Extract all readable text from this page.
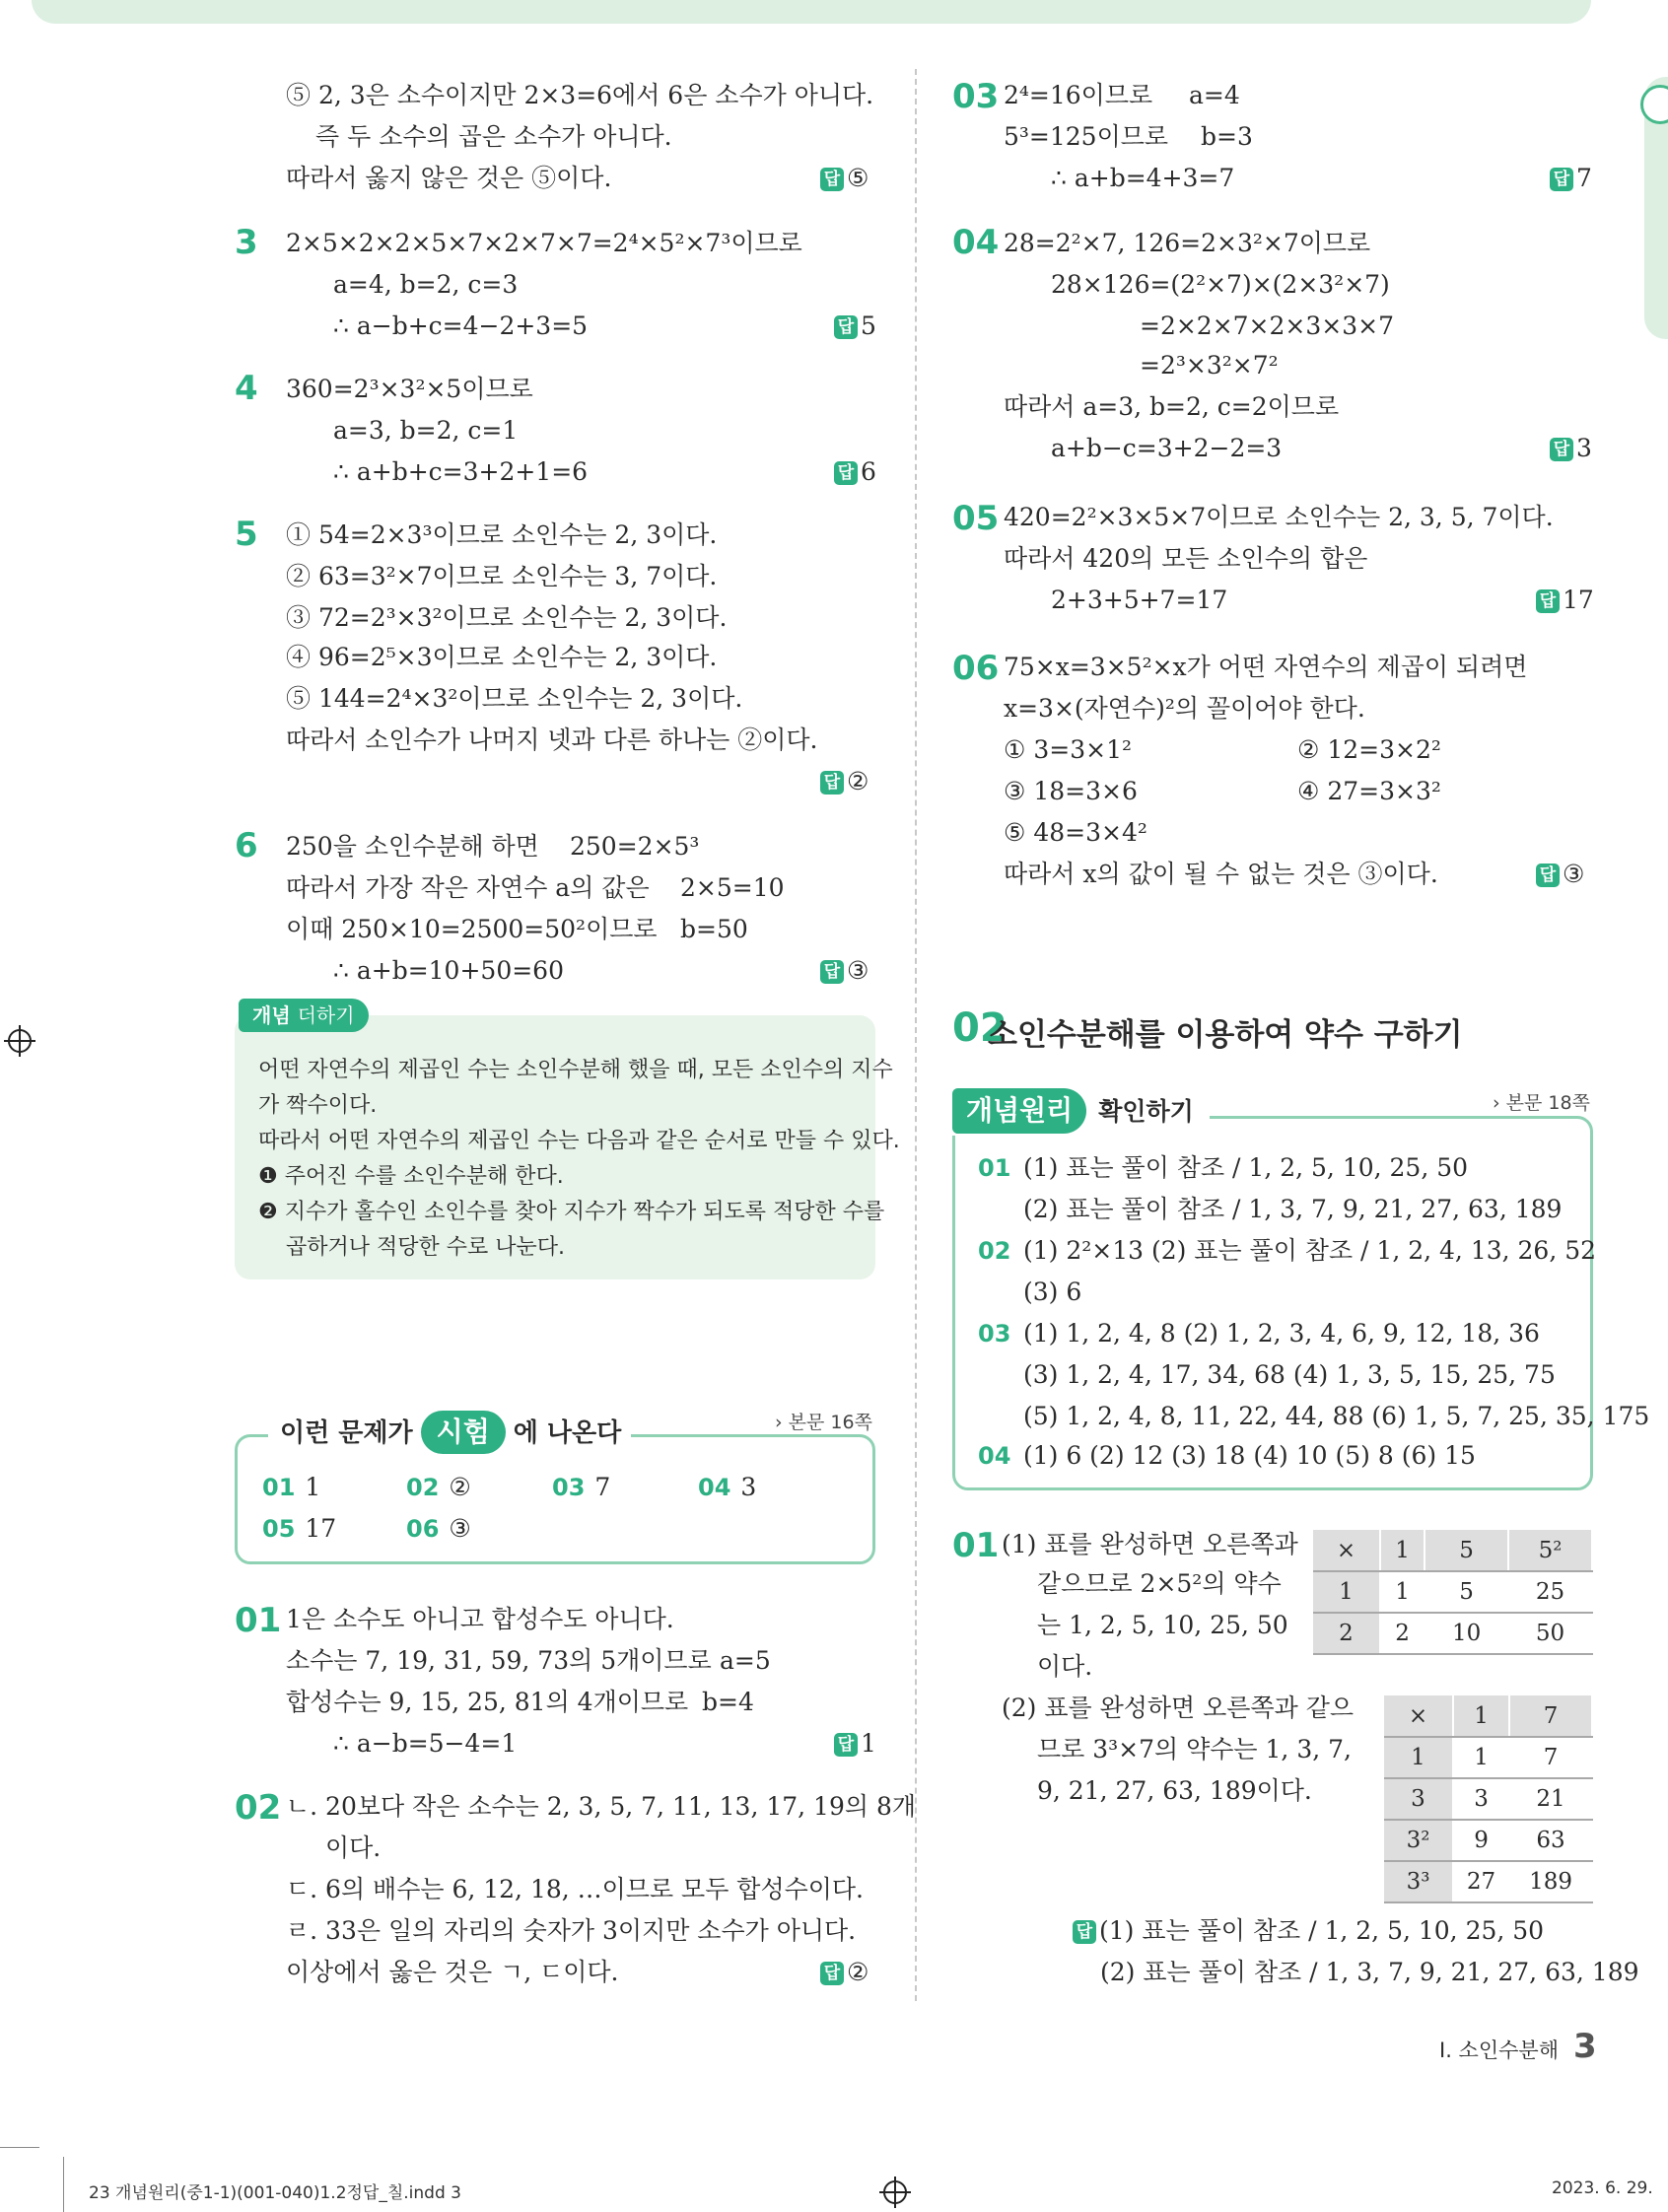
⑤ 2, 3은 소수이지만 2×3=6에서 6은 소수가 아니다.
즉 두 소수의 곱은 소수가 아니다.
따라서 옳지 않은 것은 ⑤이다.	답 ⑤
3 2×5×2×2×5×7×2×7×7=2⁴×5²×7³이므로
a=4, b=2, c=3
∴ a−b+c=4−2+3=5	답 5
4 360=2³×3²×5이므로
a=3, b=2, c=1
∴ a+b+c=3+2+1=6	답 6
5 ① 54=2×3³이므로 소인수는 2, 3이다.
② 63=3²×7이므로 소인수는 3, 7이다.
③ 72=2³×3²이므로 소인수는 2, 3이다.
④ 96=2⁵×3이므로 소인수는 2, 3이다.
⑤ 144=2⁴×3²이므로 소인수는 2, 3이다.
따라서 소인수가 나머지 넷과 다른 하나는 ②이다.
답 ②
6 250을 소인수분해 하면 250=2×5³
따라서 가장 작은 자연수 a의 값은 2×5=10
이때 250×10=2500=50²이므로 b=50
∴ a+b=10+50=60	답 ③
개념 더하기
어떤 자연수의 제곱인 수는 소인수분해 했을 때, 모든 소인수의 지수
가 짝수이다.
따라서 어떤 자연수의 제곱인 수는 다음과 같은 순서로 만들 수 있다.
❶ 주어진 수를 소인수분해 한다.
❷ 지수가 홀수인 소인수를 찾아 지수가 짝수가 되도록 적당한 수를
곱하거나 적당한 수로 나눈다.
이런 문제가 시험 에 나온다	› 본문 16쪽
01 1	02 ②	03 7	04 3
05 17	06 ③
01 1은 소수도 아니고 합성수도 아니다.
소수는 7, 19, 31, 59, 73의 5개이므로 a=5
합성수는 9, 15, 25, 81의 4개이므로 b=4
∴ a−b=5−4=1	답 1
02 ㄴ. 20보다 작은 소수는 2, 3, 5, 7, 11, 13, 17, 19의 8개
이다.
ㄷ. 6의 배수는 6, 12, 18, …이므로 모두 합성수이다.
ㄹ. 33은 일의 자리의 숫자가 3이지만 소수가 아니다.
이상에서 옳은 것은 ㄱ, ㄷ이다.	답 ②
03 2⁴=16이므로 a=4
5³=125이므로 b=3
∴ a+b=4+3=7	답 7
04 28=2²×7, 126=2×3²×7이므로
28×126=(2²×7)×(2×3²×7)
=2×2×7×2×3×3×7
=2³×3²×7²
따라서 a=3, b=2, c=2이므로
a+b−c=3+2−2=3	답 3
05 420=2²×3×5×7이므로 소인수는 2, 3, 5, 7이다.
따라서 420의 모든 소인수의 합은
2+3+5+7=17	답 17
06 75×x=3×5²×x가 어떤 자연수의 제곱이 되려면
x=3×(자연수)²의 꼴이어야 한다.
① 3=3×1²	② 12=3×2²
③ 18=3×6	④ 27=3×3²
⑤ 48=3×4²
따라서 x의 값이 될 수 없는 것은 ③이다.	답 ③
02
소인수분해를 이용하여 약수 구하기
개념원리 확인하기	› 본문 18쪽
01 (1) 표는 풀이 참조 / 1, 2, 5, 10, 25, 50
(2) 표는 풀이 참조 / 1, 3, 7, 9, 21, 27, 63, 189
02 (1) 2²×13 (2) 표는 풀이 참조 / 1, 2, 4, 13, 26, 52
(3) 6
03 (1) 1, 2, 4, 8 (2) 1, 2, 3, 4, 6, 9, 12, 18, 36
(3) 1, 2, 4, 17, 34, 68 (4) 1, 3, 5, 15, 25, 75
(5) 1, 2, 4, 8, 11, 22, 44, 88 (6) 1, 5, 7, 25, 35, 175
04 (1) 6 (2) 12 (3) 18 (4) 10 (5) 8 (6) 15
01 (1) 표를 완성하면 오른쪽과
같으므로 2×5²의 약수
는 1, 2, 5, 10, 25, 50
이다.
×	1	5	5²
1	1	5	25
2	2	10	50
(2) 표를 완성하면 오른쪽과 같으
므로 3³×7의 약수는 1, 3, 7,
9, 21, 27, 63, 189이다.
×	1	7
1	1	7
3	3	21
3²	9	63
3³	27	189
답 (1) 표는 풀이 참조 / 1, 2, 5, 10, 25, 50
(2) 표는 풀이 참조 / 1, 3, 7, 9, 21, 27, 63, 189
Ⅰ. 소인수분해 3
23 개념원리(중1-1)(001-040)1.2정답_칠.indd 3	2023. 6. 29.
